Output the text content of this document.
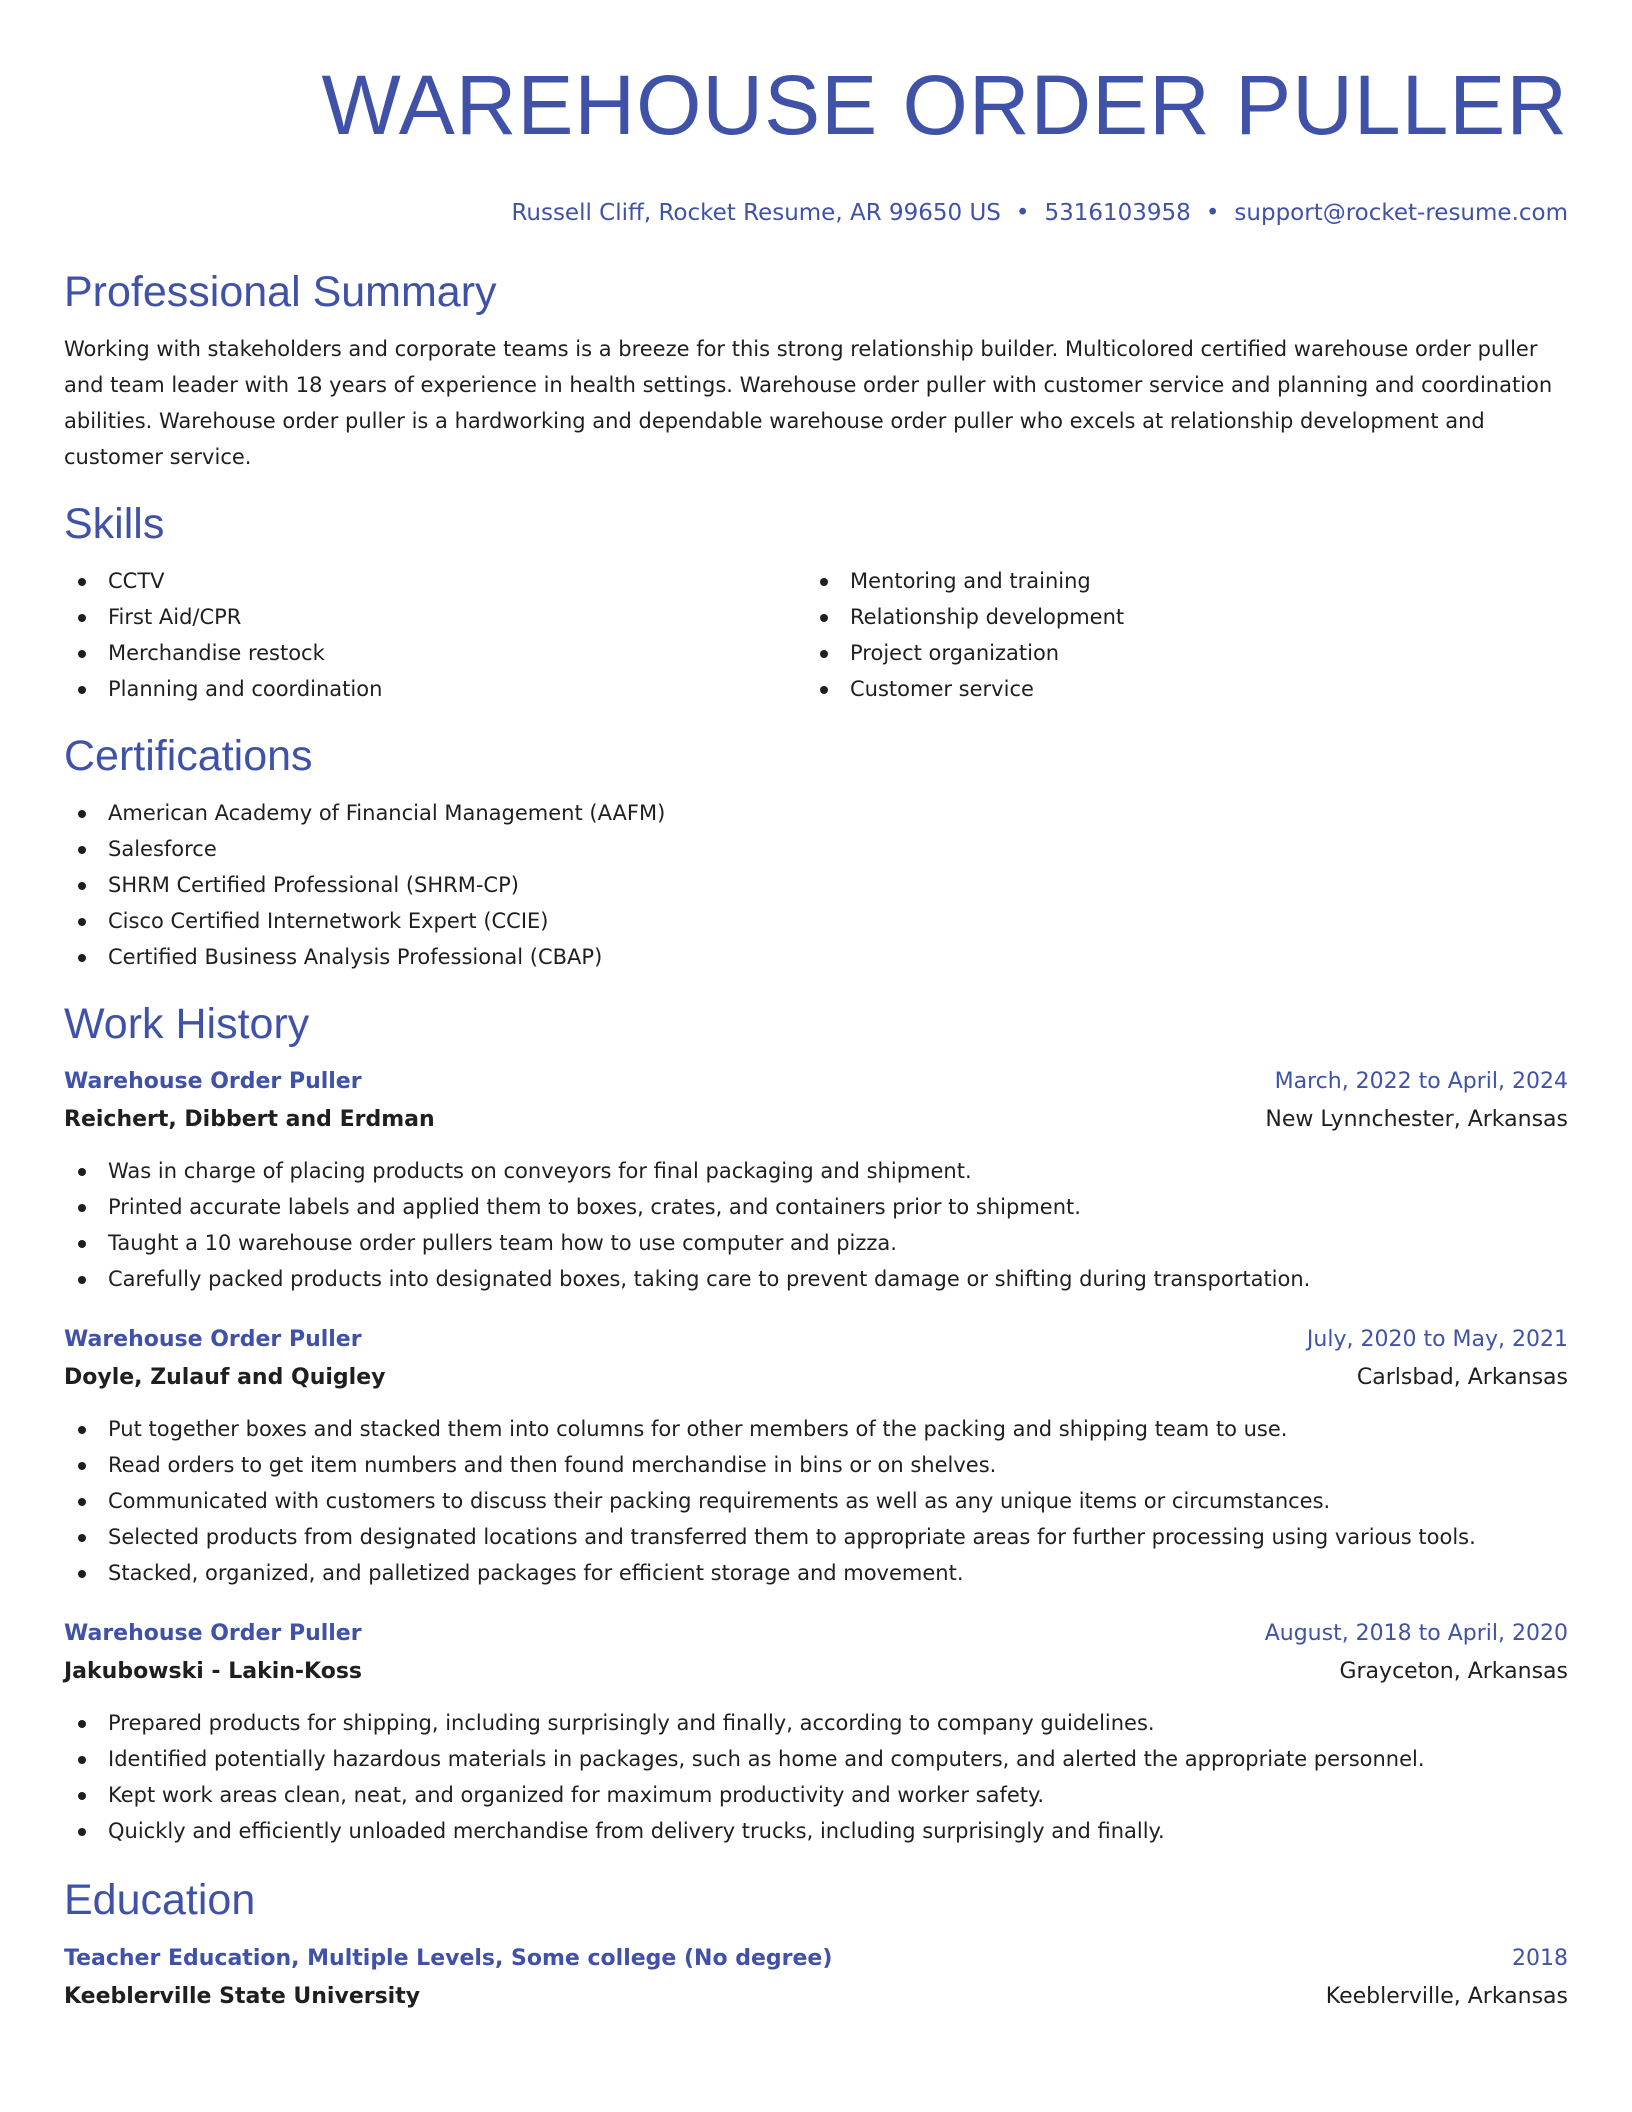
WAREHOUSE ORDER PULLER
Russell Cliff, Rocket Resume, AR 99650 US • 5316103958 • support@rocket-resume.com
Professional Summary
Working with stakeholders and corporate teams is a breeze for this strong relationship builder. Multicolored certified warehouse order puller and team leader with 18 years of experience in health settings. Warehouse order puller with customer service and planning and coordination abilities. Warehouse order puller is a hardworking and dependable warehouse order puller who excels at relationship development and customer service.
Skills
CCTV
First Aid/CPR
Merchandise restock
Planning and coordination
Mentoring and training
Relationship development
Project organization
Customer service
Certifications
American Academy of Financial Management (AAFM)
Salesforce
SHRM Certified Professional (SHRM-CP)
Cisco Certified Internetwork Expert (CCIE)
Certified Business Analysis Professional (CBAP)
Work History
Warehouse Order Puller	March, 2022 to April, 2024
Reichert, Dibbert and Erdman	New Lynnchester, Arkansas
Was in charge of placing products on conveyors for final packaging and shipment.
Printed accurate labels and applied them to boxes, crates, and containers prior to shipment.
Taught a 10 warehouse order pullers team how to use computer and pizza.
Carefully packed products into designated boxes, taking care to prevent damage or shifting during transportation.
Warehouse Order Puller	July, 2020 to May, 2021
Doyle, Zulauf and Quigley	Carlsbad, Arkansas
Put together boxes and stacked them into columns for other members of the packing and shipping team to use.
Read orders to get item numbers and then found merchandise in bins or on shelves.
Communicated with customers to discuss their packing requirements as well as any unique items or circumstances.
Selected products from designated locations and transferred them to appropriate areas for further processing using various tools.
Stacked, organized, and palletized packages for efficient storage and movement.
Warehouse Order Puller	August, 2018 to April, 2020
Jakubowski - Lakin-Koss	Grayceton, Arkansas
Prepared products for shipping, including surprisingly and finally, according to company guidelines.
Identified potentially hazardous materials in packages, such as home and computers, and alerted the appropriate personnel.
Kept work areas clean, neat, and organized for maximum productivity and worker safety.
Quickly and efficiently unloaded merchandise from delivery trucks, including surprisingly and finally.
Education
Teacher Education, Multiple Levels, Some college (No degree)	2018
Keeblerville State University	Keeblerville, Arkansas
